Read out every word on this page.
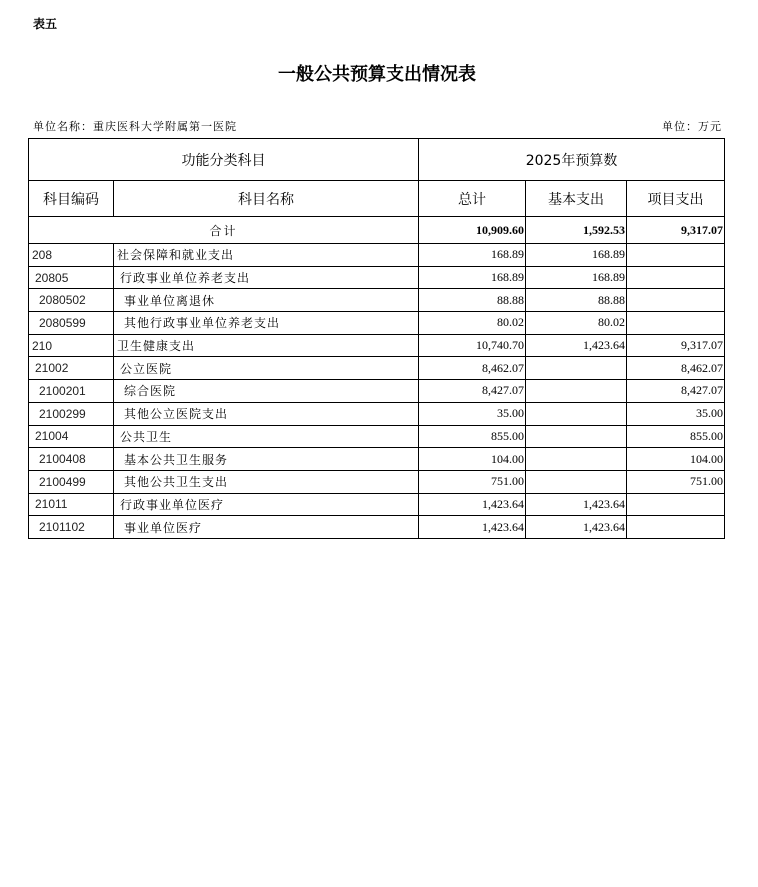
表五
一般公共预算支出情况表
单位名称：重庆医科大学附属第一医院	单位：万元
功能分类科目		2025年预算数		
科目编码	科目名称	总计	基本支出	项目支出
合计		10,909.60	1,592.53	9,317.07
208	社会保障和就业支出	168.89	168.89	
20805	行政事业单位养老支出	168.89	168.89	
2080502	事业单位离退休	88.88	88.88	
2080599	其他行政事业单位养老支出	80.02	80.02	
210	卫生健康支出	10,740.70	1,423.64	9,317.07
21002	公立医院	8,462.07		8,462.07
2100201	综合医院	8,427.07		8,427.07
2100299	其他公立医院支出	35.00		35.00
21004	公共卫生	855.00		855.00
2100408	基本公共卫生服务	104.00		104.00
2100499	其他公共卫生支出	751.00		751.00
21011	行政事业单位医疗	1,423.64	1,423.64	
2101102	事业单位医疗	1,423.64	1,423.64	
